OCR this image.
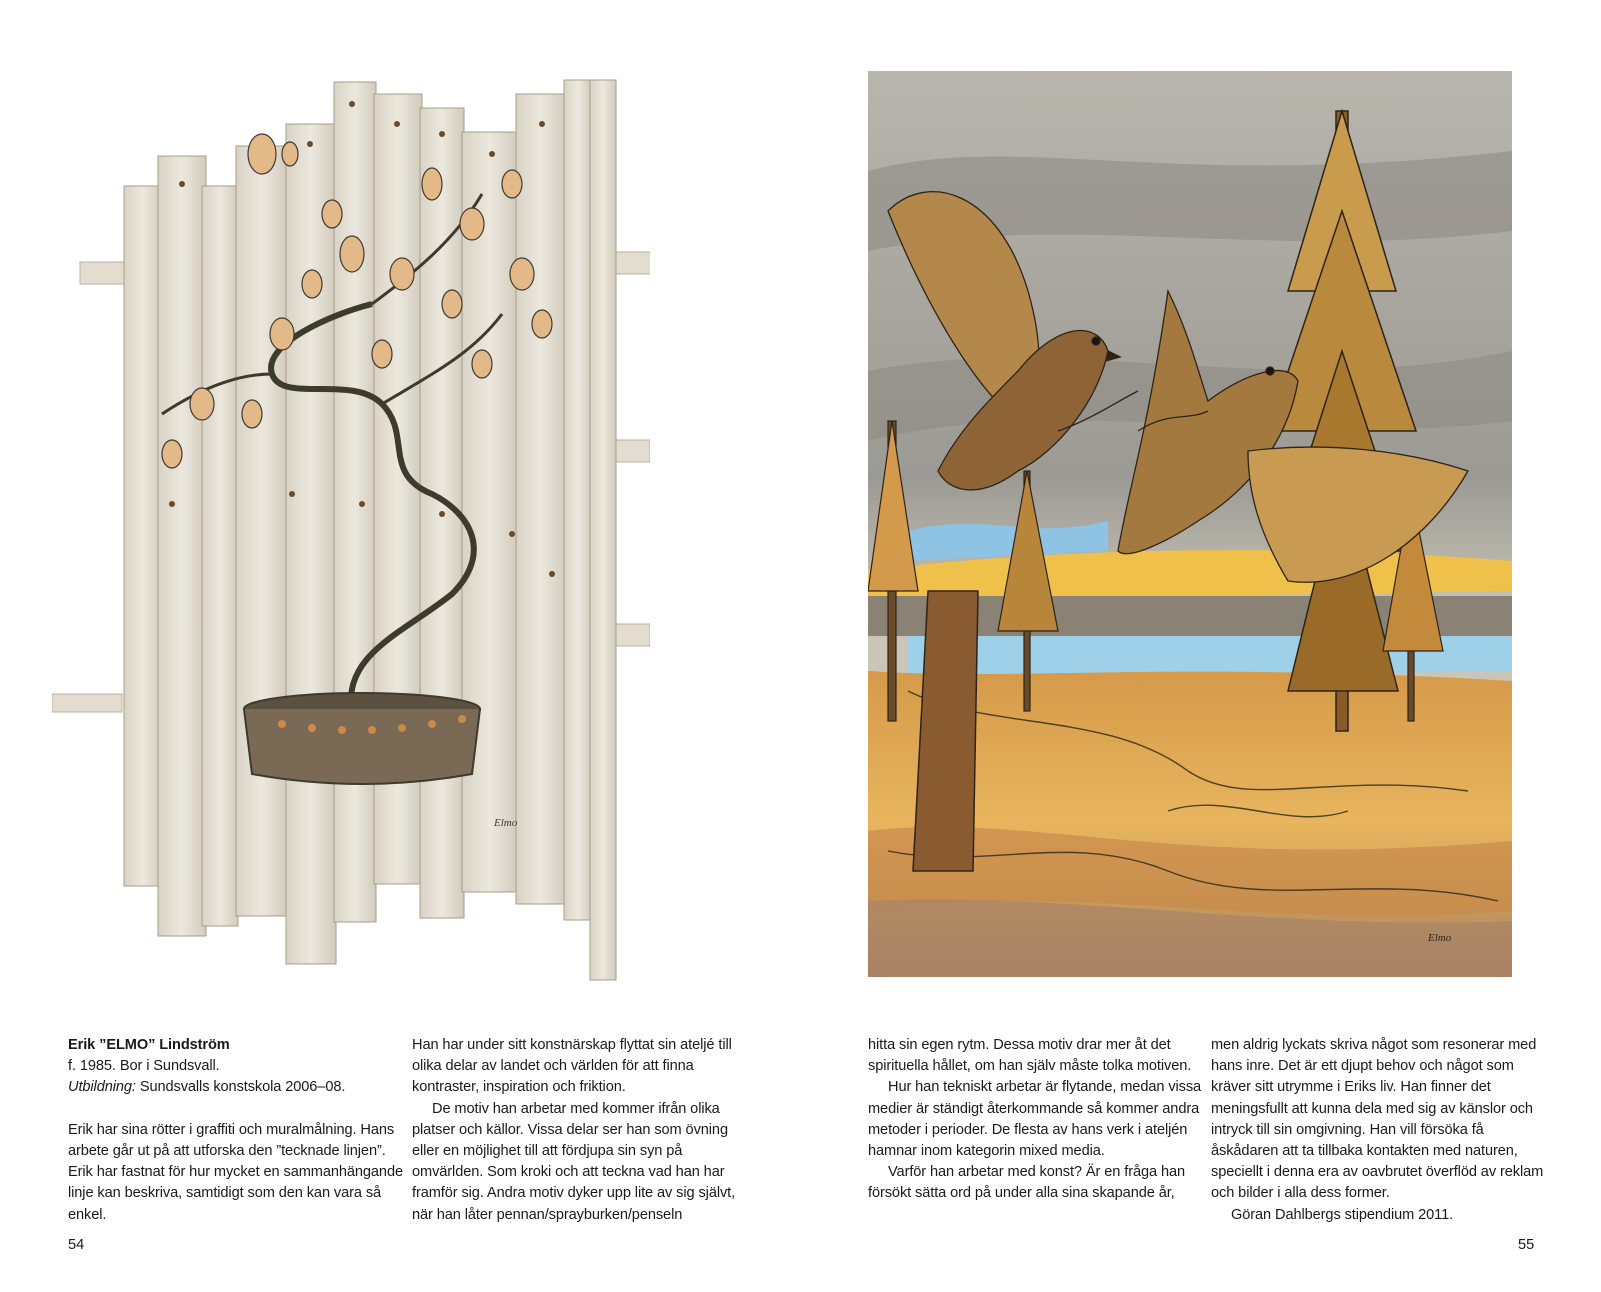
Elmo
Elmo

Erik ”ELMO” Lindström

f. 1985. Bor i Sundsvall.

Utbildning: Sundsvalls konstskola 2006–08.

Erik har sina rötter i graffiti och muralmålning. Hans arbete går ut på att utforska den ”tecknade linjen”. Erik har fastnat för hur mycket en sammanhängande linje kan beskriva, samtidigt som den kan vara så enkel.

Han har under sitt konstnärskap flyttat sin ateljé till olika delar av landet och världen för att finna kontraster, inspiration och friktion.

De motiv han arbetar med kommer ifrån olika platser och källor. Vissa delar ser han som övning eller en möjlighet till att fördjupa sin syn på omvärlden. Som kroki och att teckna vad han har framför sig. Andra motiv dyker upp lite av sig självt, när han låter pennan/sprayburken/penseln

hitta sin egen rytm. Dessa motiv drar mer åt det spirituella hållet, om han själv måste tolka motiven.

Hur han tekniskt arbetar är flytande, medan vissa medier är ständigt återkommande så kommer andra metoder i perioder. De flesta av hans verk i ateljén hamnar inom kategorin mixed media.

Varför han arbetar med konst? Är en fråga han försökt sätta ord på under alla sina skapande år,

men aldrig lyckats skriva något som resonerar med hans inre. Det är ett djupt behov och något som kräver sitt utrymme i Eriks liv. Han finner det meningsfullt att kunna dela med sig av känslor och intryck till sin omgivning. Han vill försöka få åskådaren att ta tillbaka kontakten med naturen, speciellt i denna era av oavbrutet överflöd av reklam och bilder i alla dess former.

Göran Dahlbergs stipendium 2011.

54	55
